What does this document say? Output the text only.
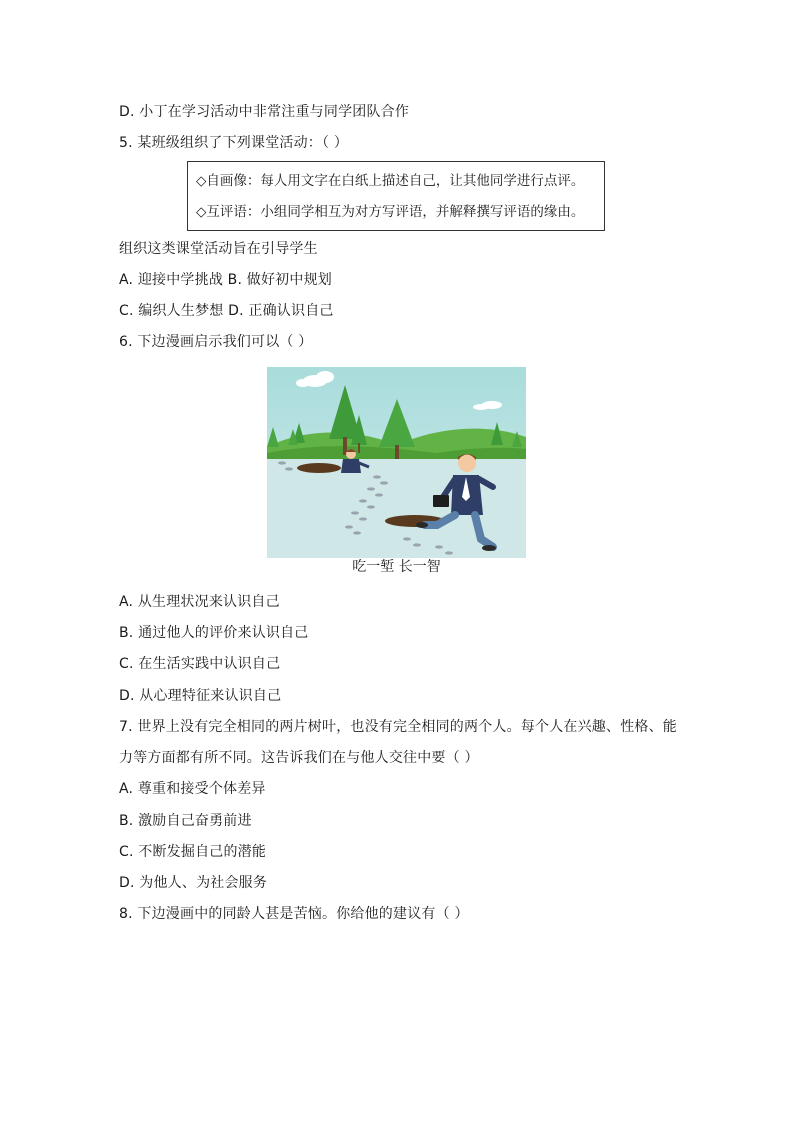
D. 小丁在学习活动中非常注重与同学团队合作
5. 某班级组织了下列课堂活动：（ ）
◇自画像：每人用文字在白纸上描述自己，让其他同学进行点评。
◇互评语：小组同学相互为对方写评语，并解释撰写评语的缘由。
组织这类课堂活动旨在引导学生
A. 迎接中学挑战 B. 做好初中规划
C. 编织人生梦想 D. 正确认识自己
6. 下边漫画启示我们可以（ ）
吃一堑 长一智
A. 从生理状况来认识自己
B. 通过他人的评价来认识自己
C. 在生活实践中认识自己
D. 从心理特征来认识自己
7. 世界上没有完全相同的两片树叶，也没有完全相同的两个人。每个人在兴趣、性格、能
力等方面都有所不同。这告诉我们在与他人交往中要（ ）
A. 尊重和接受个体差异
B. 激励自己奋勇前进
C. 不断发掘自己的潜能
D. 为他人、为社会服务
8. 下边漫画中的同龄人甚是苦恼。你给他的建议有（ ）
